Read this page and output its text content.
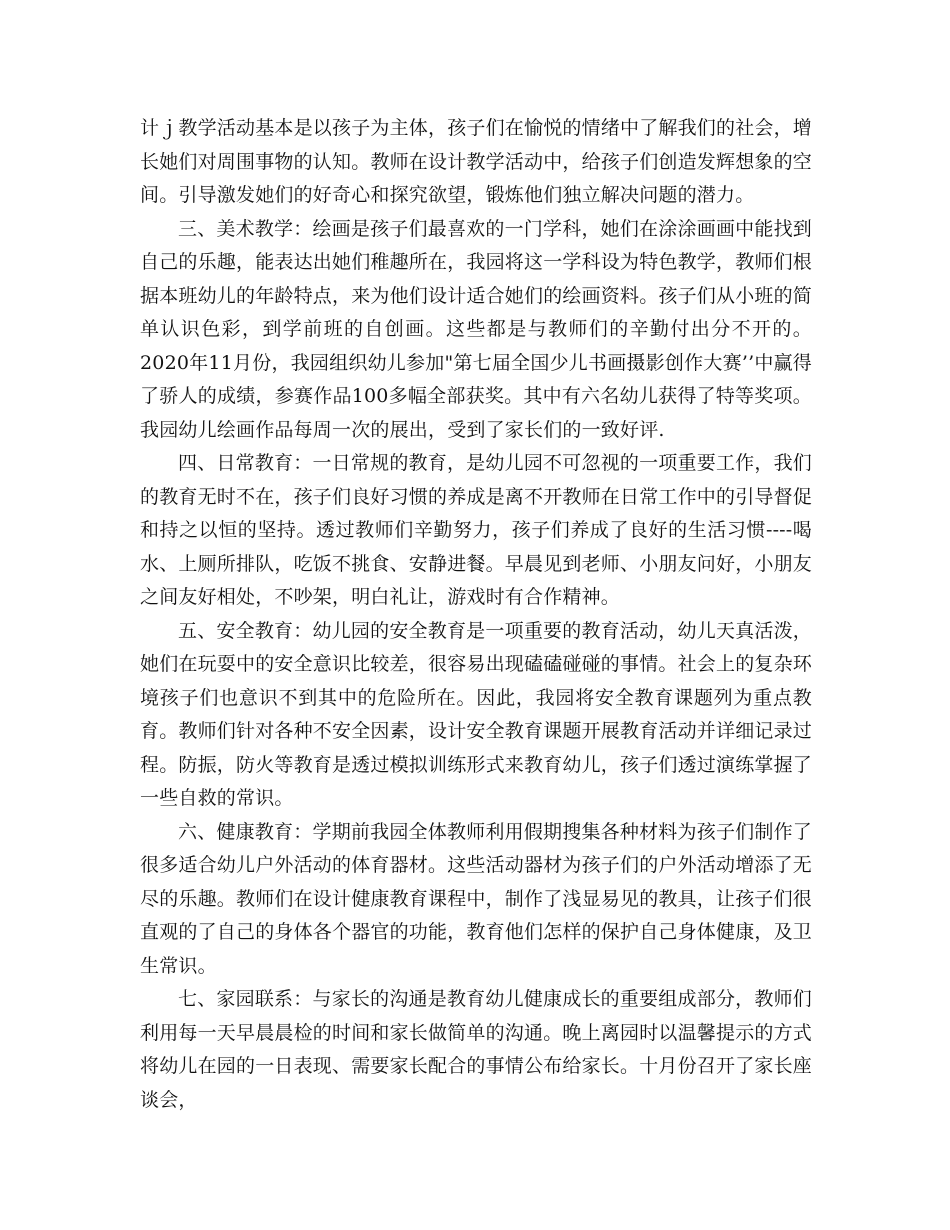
计ｊ教学活动基本是以孩子为主体，孩子们在愉悦的情绪中了解我们的社会，增长她们对周围事物的认知。教师在设计教学活动中，给孩子们创造发辉想象的空间。引导激发她们的好奇心和探究欲望，锻炼他们独立解决问题的潜力。

三、美术教学：绘画是孩子们最喜欢的一门学科，她们在涂涂画画中能找到自己的乐趣，能表达出她们稚趣所在，我园将这一学科设为特色教学，教师们根据本班幼儿的年龄特点，来为他们设计适合她们的绘画资料。孩子们从小班的简单认识色彩，到学前班的自创画。这些都是与教师们的辛勤付出分不开的。2020年11月份，我园组织幼儿参加"第七届全国少儿书画摄影创作大赛’’中赢得了骄人的成绩，参赛作品100多幅全部获奖。其中有六名幼儿获得了特等奖项。我园幼儿绘画作品每周一次的展出，受到了家长们的一致好评.

四、日常教育：一日常规的教育，是幼儿园不可忽视的一项重要工作，我们的教育无时不在，孩子们良好习惯的养成是离不开教师在日常工作中的引导督促和持之以恒的坚持。透过教师们辛勤努力，孩子们养成了良好的生活习惯----喝水、上厕所排队，吃饭不挑食、安静进餐。早晨见到老师、小朋友问好，小朋友之间友好相处，不吵架，明白礼让，游戏时有合作精神。

五、安全教育：幼儿园的安全教育是一项重要的教育活动，幼儿天真活泼，她们在玩耍中的安全意识比较差，很容易出现磕磕碰碰的事情。社会上的复杂环境孩子们也意识不到其中的危险所在。因此，我园将安全教育课题列为重点教育。教师们针对各种不安全因素，设计安全教育课题开展教育活动并详细记录过程。防振，防火等教育是透过模拟训练形式来教育幼儿，孩子们透过演练掌握了一些自救的常识。

六、健康教育：学期前我园全体教师利用假期搜集各种材料为孩子们制作了很多适合幼儿户外活动的体育器材。这些活动器材为孩子们的户外活动增添了无尽的乐趣。教师们在设计健康教育课程中，制作了浅显易见的教具，让孩子们很直观的了自己的身体各个器官的功能，教育他们怎样的保护自己身体健康，及卫生常识。

七、家园联系：与家长的沟通是教育幼儿健康成长的重要组成部分，教师们利用每一天早晨晨检的时间和家长做简单的沟通。晚上离园时以温馨提示的方式将幼儿在园的一日表现、需要家长配合的事情公布给家长。十月份召开了家长座谈会，
